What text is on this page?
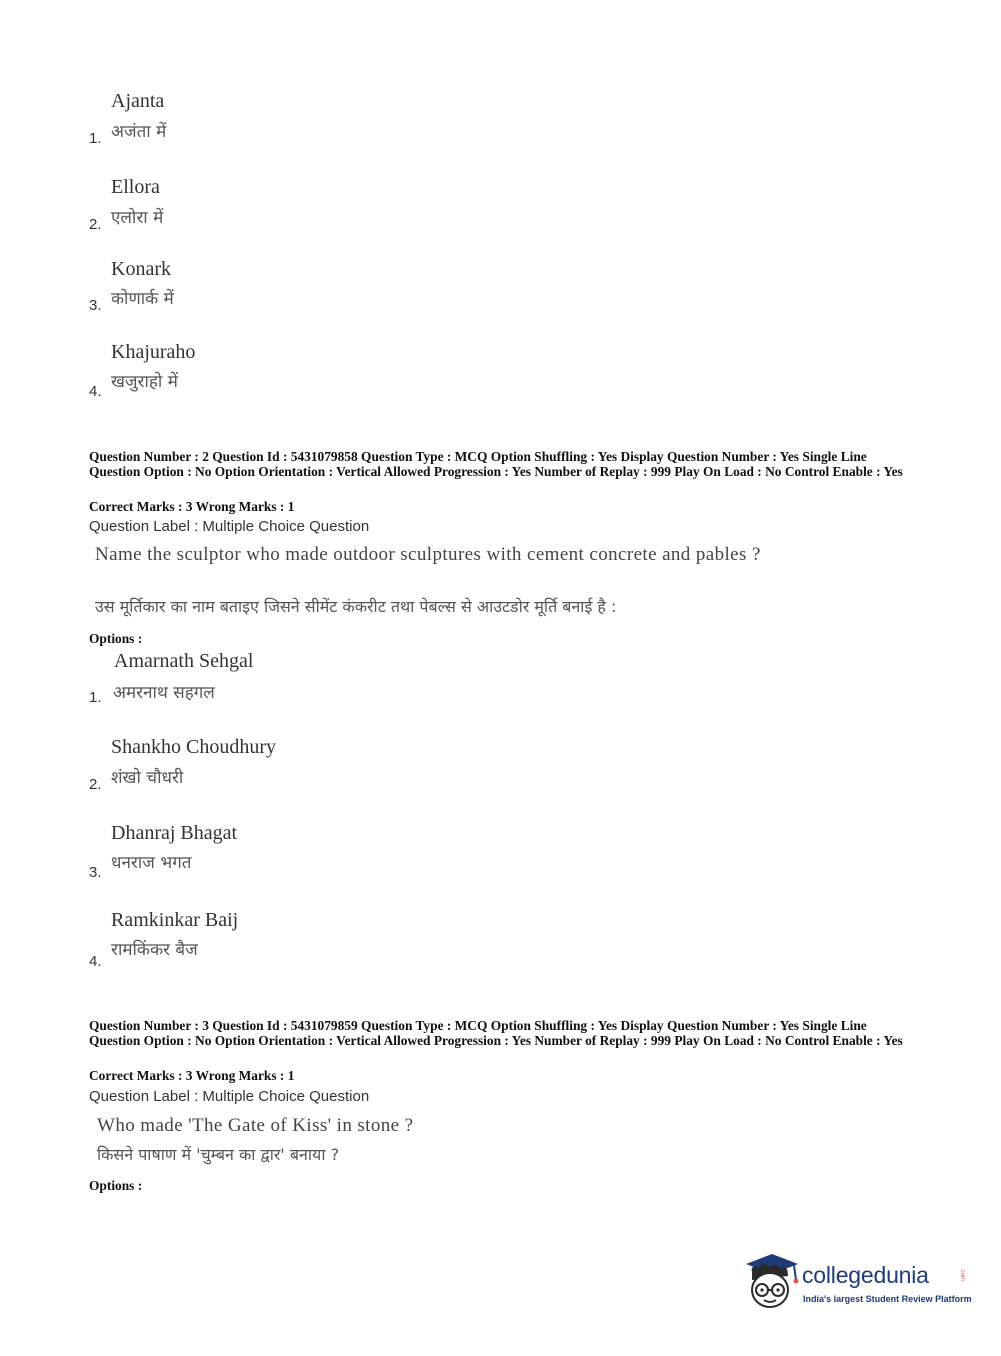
Ajanta
अजंता में
1.
Ellora
एलोरा में
2.
Konark
कोणार्क में
3.
Khajuraho
खजुराहो में
4.
Question Number : 2 Question Id : 5431079858 Question Type : MCQ Option Shuffling : Yes Display Question Number : Yes Single Line Question Option : No Option Orientation : Vertical Allowed Progression : Yes Number of Replay : 999 Play On Load : No Control Enable : Yes
Correct Marks : 3 Wrong Marks : 1
Question Label : Multiple Choice Question
Name the sculptor who made outdoor sculptures with cement concrete and pables ?
उस मूर्तिकार का नाम बताइए जिसने सीमेंट कंकरीट तथा पेबल्स से आउटडोर मूर्ति बनाई है :
Options :
Amarnath Sehgal
अमरनाथ सहगल
1.
Shankho Choudhury
शंखो चौधरी
2.
Dhanraj Bhagat
धनराज भगत
3.
Ramkinkar Baij
रामकिंकर बैज
4.
Question Number : 3 Question Id : 5431079859 Question Type : MCQ Option Shuffling : Yes Display Question Number : Yes Single Line Question Option : No Option Orientation : Vertical Allowed Progression : Yes Number of Replay : 999 Play On Load : No Control Enable : Yes
Correct Marks : 3 Wrong Marks : 1
Question Label : Multiple Choice Question
Who made 'The Gate of Kiss' in stone ?
किसने पाषाण में 'चुम्बन का द्वार' बनाया ?
Options :
collegedunia	.com
India's largest Student Review Platform
